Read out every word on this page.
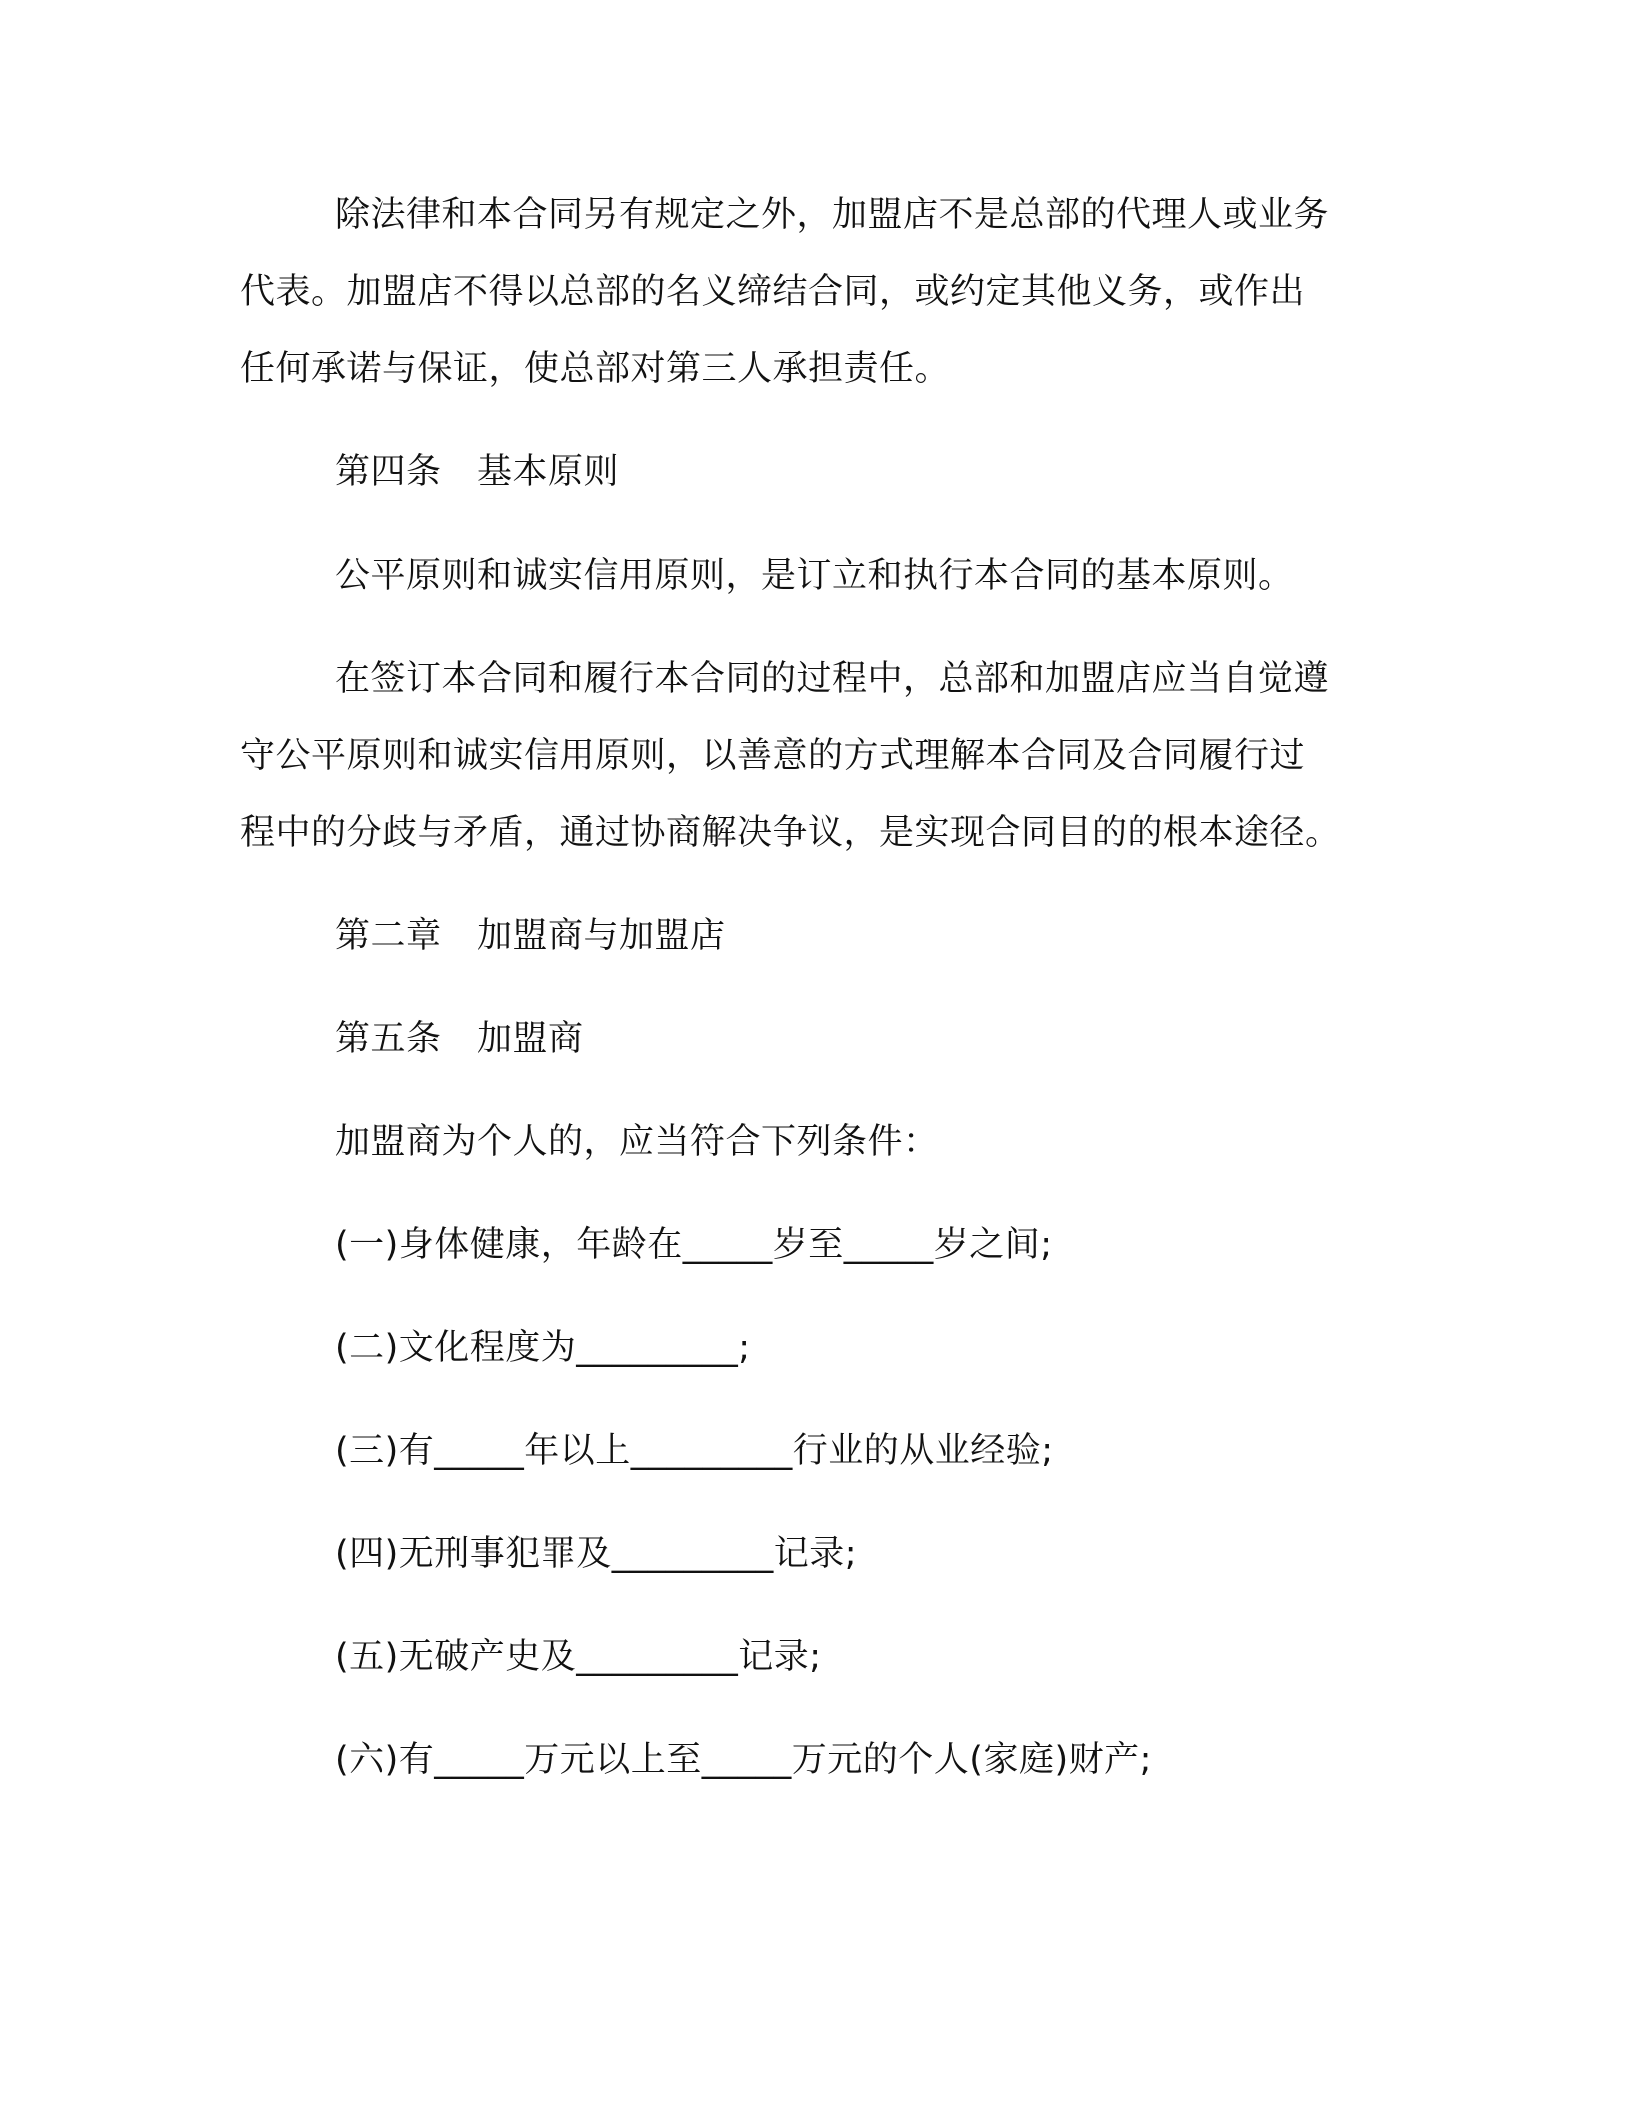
除法律和本合同另有规定之外，加盟店不是总部的代理人或业务
代表。加盟店不得以总部的名义缔结合同，或约定其他义务，或作出
任何承诺与保证，使总部对第三人承担责任。
第四条　基本原则
公平原则和诚实信用原则，是订立和执行本合同的基本原则。
在签订本合同和履行本合同的过程中，总部和加盟店应当自觉遵
守公平原则和诚实信用原则，以善意的方式理解本合同及合同履行过
程中的分歧与矛盾，通过协商解决争议，是实现合同目的的根本途径。
第二章　加盟商与加盟店
第五条　加盟商
加盟商为个人的，应当符合下列条件：
(一)身体健康，年龄在_____岁至_____岁之间;
(二)文化程度为_________;
(三)有_____年以上_________行业的从业经验;
(四)无刑事犯罪及_________记录;
(五)无破产史及_________记录;
(六)有_____万元以上至_____万元的个人(家庭)财产;
